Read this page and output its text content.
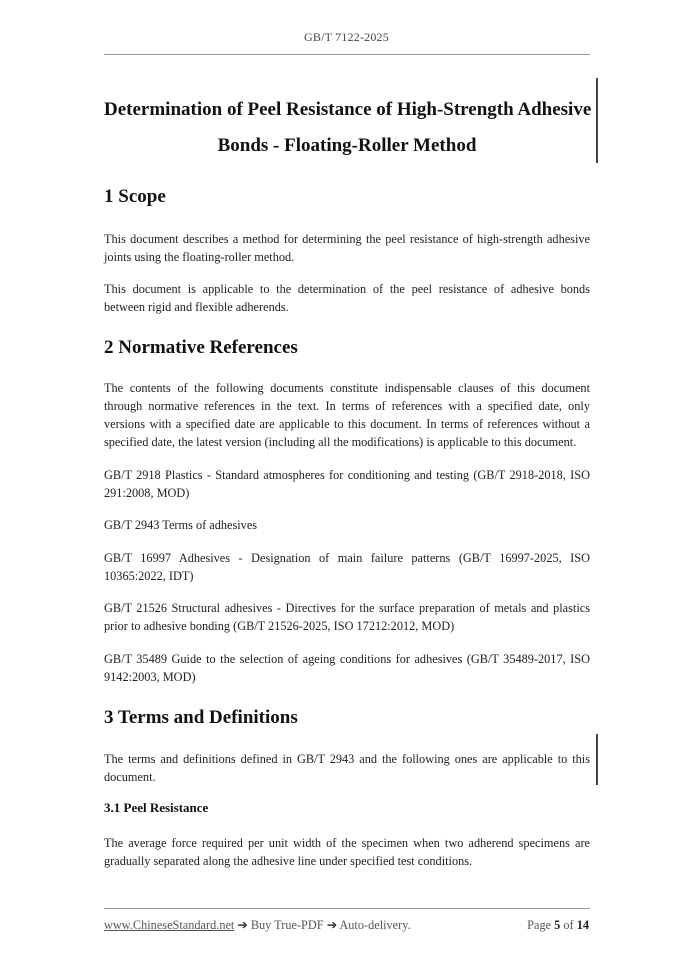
GB/T 7122-2025
Determination of Peel Resistance of High-Strength Adhesive
Bonds - Floating-Roller Method
1 Scope
This document describes a method for determining the peel resistance of high-strength adhesive
joints using the floating-roller method.
This document is applicable to the determination of the peel resistance of adhesive bonds
between rigid and flexible adherends.
2 Normative References
The contents of the following documents constitute indispensable clauses of this document
through normative references in the text. In terms of references with a specified date, only
versions with a specified date are applicable to this document. In terms of references without a
specified date, the latest version (including all the modifications) is applicable to this document.
GB/T 2918 Plastics - Standard atmospheres for conditioning and testing (GB/T 2918-2018, ISO
291:2008, MOD)
GB/T 2943 Terms of adhesives
GB/T 16997 Adhesives - Designation of main failure patterns (GB/T 16997-2025, ISO
10365:2022, IDT)
GB/T 21526 Structural adhesives - Directives for the surface preparation of metals and plastics
prior to adhesive bonding (GB/T 21526-2025, ISO 17212:2012, MOD)
GB/T 35489 Guide to the selection of ageing conditions for adhesives (GB/T 35489-2017, ISO
9142:2003, MOD)
3 Terms and Definitions
The terms and definitions defined in GB/T 2943 and the following ones are applicable to this
document.
3.1 Peel Resistance
The average force required per unit width of the specimen when two adherend specimens are
gradually separated along the adhesive line under specified test conditions.
www.ChineseStandard.net ➔ Buy True-PDF ➔ Auto-delivery.	Page 5 of 14
